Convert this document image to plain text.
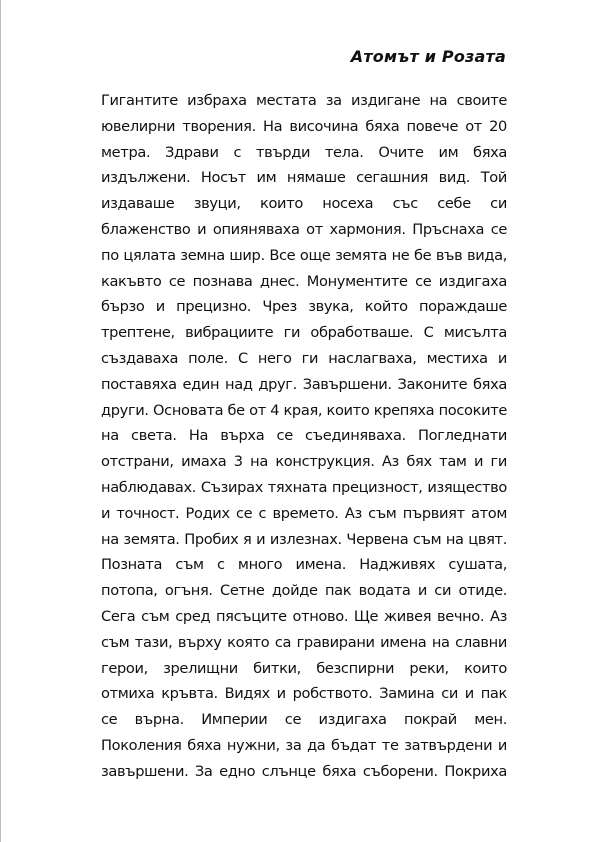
Атомът и Розата
Гигантите избраха местата за издигане на своите
ювелирни творения. На височина бяха повече от 20
метра. Здрави с твърди тела. Очите им бяха
издължени. Носът им нямаше сегашния вид. Той
издаваше звуци, които носеха със себе си
блаженство и опияняваха от хармония. Пръснаха се
по цялата земна шир. Все още земята не бе във вида,
какъвто се познава днес. Монументите се издигаха
бързо и прецизно. Чрез звука, който пораждаше
трептене, вибрациите ги обработваше. С мисълта
създаваха поле. С него ги наслагваха, местиха и
поставяха един над друг. Завършени. Законите бяха
други. Основата бе от 4 края, които крепяха посоките
на света. На върха се съединяваха. Погледнати
отстрани, имаха 3 на конструкция. Аз бях там и ги
наблюдавах. Съзирах тяхната прецизност, изящество
и точност. Родих се с времето. Аз съм първият атом
на земята. Пробих я и излезнах. Червена съм на цвят.
Позната съм с много имена. Надживях сушата,
потопа, огъня. Сетне дойде пак водата и си отиде.
Сега съм сред пясъците отново. Ще живея вечно. Аз
съм тази, върху която са гравирани имена на славни
герои, зрелищни битки, безспирни реки, които
отмиха кръвта. Видях и робството. Замина си и пак
се върна. Империи се издигаха покрай мен.
Поколения бяха нужни, за да бъдат те затвърдени и
завършени. За едно слънце бяха съборени. Покриха
